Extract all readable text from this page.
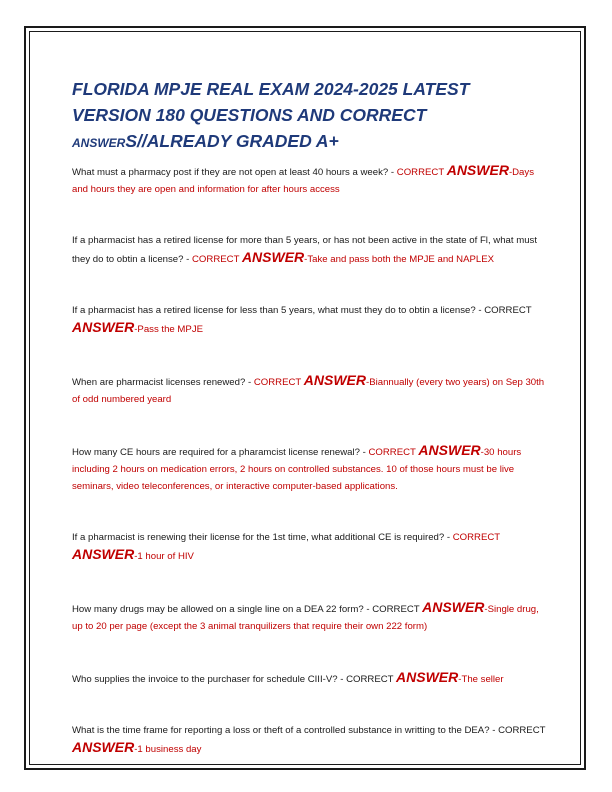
FLORIDA MPJE REAL EXAM 2024-2025 LATEST VERSION 180 QUESTIONS AND CORRECT ANSWERS//ALREADY GRADED A+
What must a pharmacy post if they are not open at least 40 hours a week? - CORRECT ANSWER-Days and hours they are open and information for after hours access
If a pharmacist has a retired license for more than 5 years, or has not been active in the state of Fl, what must they do to obtin a license? - CORRECT ANSWER-Take and pass both the MPJE and NAPLEX
If a pharmacist has a retired license for less than 5 years, what must they do to obtin a license? - CORRECT ANSWER-Pass the MPJE
When are pharmacist licenses renewed? - CORRECT ANSWER-Biannually (every two years) on Sep 30th of odd numbered yeard
How many CE hours are required for a pharamcist license renewal? - CORRECT ANSWER-30 hours including 2 hours on medication errors, 2 hours on controlled substances. 10 of those hours must be live seminars, video teleconferences, or interactive computer-based applications.
If a pharmacist is renewing their license for the 1st time, what additional CE is required? - CORRECT ANSWER-1 hour of HIV
How many drugs may be allowed on a single line on a DEA 22 form? - CORRECT ANSWER-Single drug, up to 20 per page (except the 3 animal tranquilizers that require their own 222 form)
Who supplies the invoice to the purchaser for schedule CIII-V? - CORRECT ANSWER-The seller
What is the time frame for reporting a loss or theft of a controlled substance in writting to the DEA? - CORRECT ANSWER-1 business day
